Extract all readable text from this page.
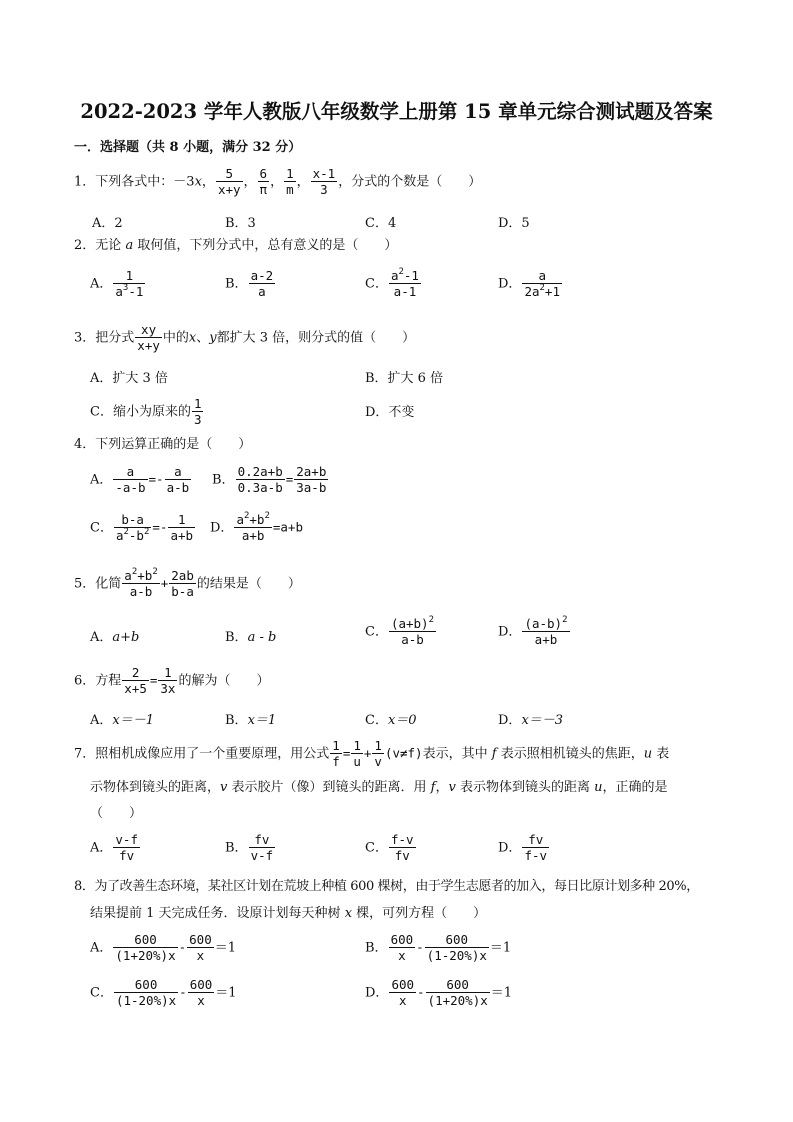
2022-2023 学年人教版八年级数学上册第 15 章单元综合测试题及答案
一．选择题（共 8 小题，满分 32 分）
1．下列各式中：－3x， $\frac{5}{x+y}$ ， $\frac{6}{\pi}$ ， $\frac{1}{m}$ ， $\frac{x-1}{3}$ ，分式的个数是（　　）
A．2	B．3	C．4	D．5
2．无论 a 取何值，下列分式中，总有意义的是（　　）
A． $\frac{1}{a^3-1}$	B． $\frac{a-2}{a}$	C． $\frac{a^2-1}{a-1}$	D． $\frac{a}{2a^2+1}$
3．把分式 $\frac{xy}{x+y}$ 中的x、y都扩大 3 倍，则分式的值（　　）
A．扩大 3 倍	B．扩大 6 倍
C．缩小为原来的 $\frac{1}{3}$	D．不变
4．下列运算正确的是（　　）
A． $\frac{a}{-a-b} =- \frac{a}{a-b}$ B． $\frac{0.2a+b}{0.3a-b} = \frac{2a+b}{3a-b}$
C． $\frac{b-a}{a^2-b^2} =- \frac{1}{a+b}$ D． $\frac{a^2+b^2}{a+b} =a+b$
5．化简 $\frac{a^2+b^2}{a-b} + \frac{2ab}{b-a}$ 的结果是（　　）
A．a+b	B．a - b	C． $\frac{(a+b)^2}{a-b}$	D． $\frac{(a-b)^2}{a+b}$
6．方程 $\frac{2}{x+5} = \frac{1}{3x}$ 的解为（　　）
A．x＝－1	B．x＝1	C．x＝0	D．x＝－3
7．照相机成像应用了一个重要原理，用公式 $\frac{1}{f} = \frac{1}{u} + \frac{1}{v} (v\ne f)$表示，其中 f 表示照相机镜头的焦距，u 表
示物体到镜头的距离，v 表示胶片（像）到镜头的距离．用 f，v 表示物体到镜头的距离 u，正确的是
（　　）
A． $\frac{v-f}{fv}$	B． $\frac{fv}{v-f}$	C． $\frac{f-v}{fv}$	D． $\frac{fv}{f-v}$
8．为了改善生态环境，某社区计划在荒坡上种植 600 棵树，由于学生志愿者的加入，每日比原计划多种 20%，
结果提前 1 天完成任务．设原计划每天种树 x 棵，可列方程（　　）
A． $\frac{600}{(1+20\%)x} - \frac{600}{x} =1$	B． $\frac{600}{x} - \frac{600}{(1-20\%)x} =1$
C． $\frac{600}{(1-20\%)x} - \frac{600}{x} =1$	D． $\frac{600}{x} - \frac{600}{(1+20\%)x} =1$
